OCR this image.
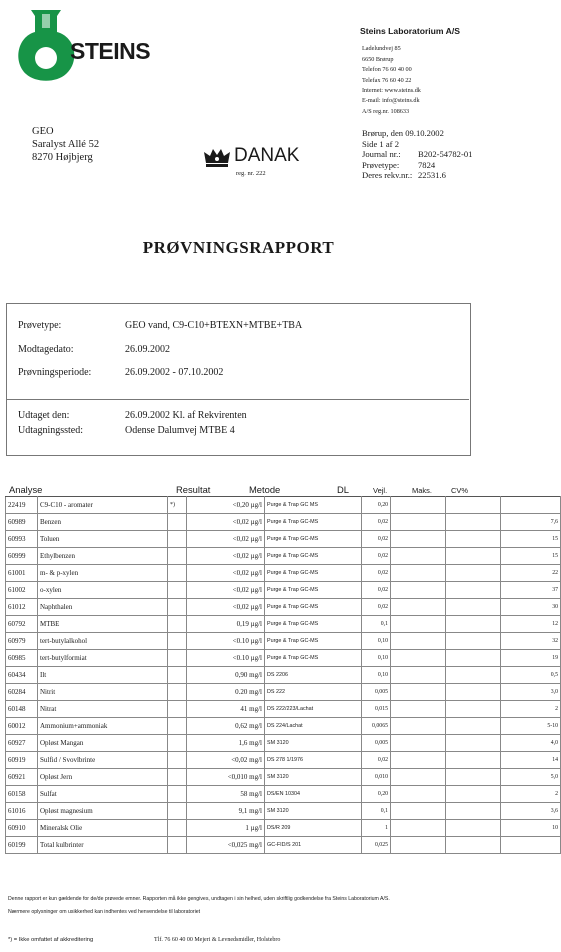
®
STEINS
Steins Laboratorium A/S
Ladelundvej 85
6650 Brørup
Telefon 76 60 40 00
Telefax 76 60 40 22
Internet: www.steins.dk
E-mail: info@steins.dk
A/S reg.nr. 108633
Brørup, den 09.10.2002
Side 1 af 2
Journal nr.:	B202-54782-01
Prøvetype:	7824
Deres rekv.nr.: 22531.6
GEO
Saralyst Allé 52
8270 Højbjerg	DANAK
reg. nr. 222
PRØVNINGSRAPPORT
Prøvetype:	GEO vand, C9-C10+BTEXN+MTBE+TBA
Modtagedato:	26.09.2002
Prøvningsperiode:	26.09.2002 - 07.10.2002
Udtaget den:	26.09.2002 Kl. af Rekvirenten
Udtagningssted:	Odense Dalumvej MTBE 4
Analyse	Resultat	Metode	DL	Vejl.	Maks.	CV%
22419	C9-C10 - aromater	*)	<0,20 µg/l	Purge & Trap GC MS	0,20			
60989	Benzen		<0,02 µg/l	Purge & Trap GC-MS	0,02			7,6
60993	Toluen		<0,02 µg/l	Purge & Trap GC-MS	0,02			15
60999	Ethylbenzen		<0,02 µg/l	Purge & Trap GC-MS	0,02			15
61001	m- & p-xylen		<0,02 µg/l	Purge & Trap GC-MS	0,02			22
61002	o-xylen		<0,02 µg/l	Purge & Trap GC-MS	0,02			37
61012	Naphthalen		<0,02 µg/l	Purge & Trap GC-MS	0,02			30
60792	MTBE		0,19 µg/l	Purge & Trap GC-MS	0,1			12
60979	tert-butylalkohol		<0.10 µg/l	Purge & Trap GC-MS	0,10			32
60985	tert-butylformiat		<0.10 µg/l	Purge & Trap GC-MS	0,10			19
60434	Ilt		0,90 mg/l	DS 2206	0,10			0,5
60284	Nitrit		0.20 mg/l	DS 222	0,005			3,0
60148	Nitrat		41 mg/l	DS 222/223/Lachat	0,015			2
60012	Ammonium+ammoniak		0,62 mg/l	DS 224/Lachat	0,0065			5-10
60927	Opløst Mangan		1,6 mg/l	SM 3120	0,005			4,0
60919	Sulfid / Svovlbrinte		<0,02 mg/l	DS 278 1/1976	0,02			14
60921	Opløst Jern		<0,010 mg/l	SM 3120	0,010			5,0
60158	Sulfat		58 mg/l	DS/EN 10304	0,20			2
61016	Opløst magnesium		9,1 mg/l	SM 3120	0,1			3,6
60910	Mineralsk Olie		1 µg/l	DS/R 209	1			10
60199	Total kulbrinter		<0,025 mg/l	GC-FID/S 201	0,025			
Denne rapport er kun gældende for de/de prøvede emner. Rapporten må ikke gengives, undtagen i sin helhed, uden skriftlig godkendelse fra Steins Laboratorium A/S.
Nærmere oplysninger om usikkerhed kan indhentes ved henvendelse til laboratoriet
*) = Ikke omfattet af akkreditering	Tlf. 76 60 40 00 Mejeri & Levnedsmidler, Holstebro
